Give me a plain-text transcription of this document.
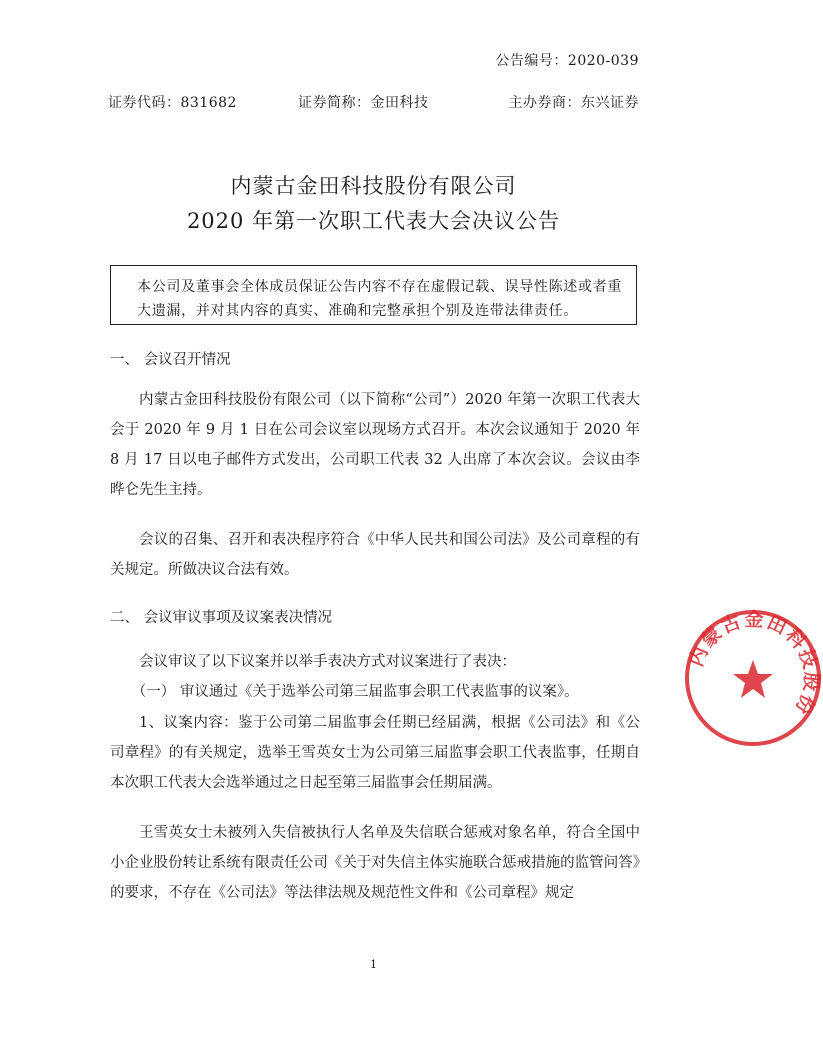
公告编号：2020-039
证券代码：831682	证券简称：金田科技	主办券商：东兴证券
内蒙古金田科技股份有限公司
2020 年第一次职工代表大会决议公告
本公司及董事会全体成员保证公告内容不存在虚假记载、误导性陈述或者重大遗漏，并对其内容的真实、准确和完整承担个别及连带法律责任。
一、 会议召开情况
内蒙古金田科技股份有限公司（以下简称“公司”）2020 年第一次职工代表大会于 2020 年 9 月 1 日在公司会议室以现场方式召开。本次会议通知于 2020 年 8 月 17 日以电子邮件方式发出，公司职工代表 32 人出席了本次会议。会议由李晔仑先生主持。
会议的召集、召开和表决程序符合《中华人民共和国公司法》及公司章程的有关规定。所做决议合法有效。
二、 会议审议事项及议案表决情况
会议审议了以下议案并以举手表决方式对议案进行了表决：
（一） 审议通过《关于选举公司第三届监事会职工代表监事的议案》。
1、议案内容：鉴于公司第二届监事会任期已经届满，根据《公司法》和《公司章程》的有关规定，选举王雪英女士为公司第三届监事会职工代表监事，任期自本次职工代表大会选举通过之日起至第三届监事会任期届满。
王雪英女士未被列入失信被执行人名单及失信联合惩戒对象名单，符合全国中小企业股份转让系统有限责任公司《关于对失信主体实施联合惩戒措施的监管问答》的要求，不存在《公司法》等法律法规及规范性文件和《公司章程》规定
1
内蒙古金田科技股份
